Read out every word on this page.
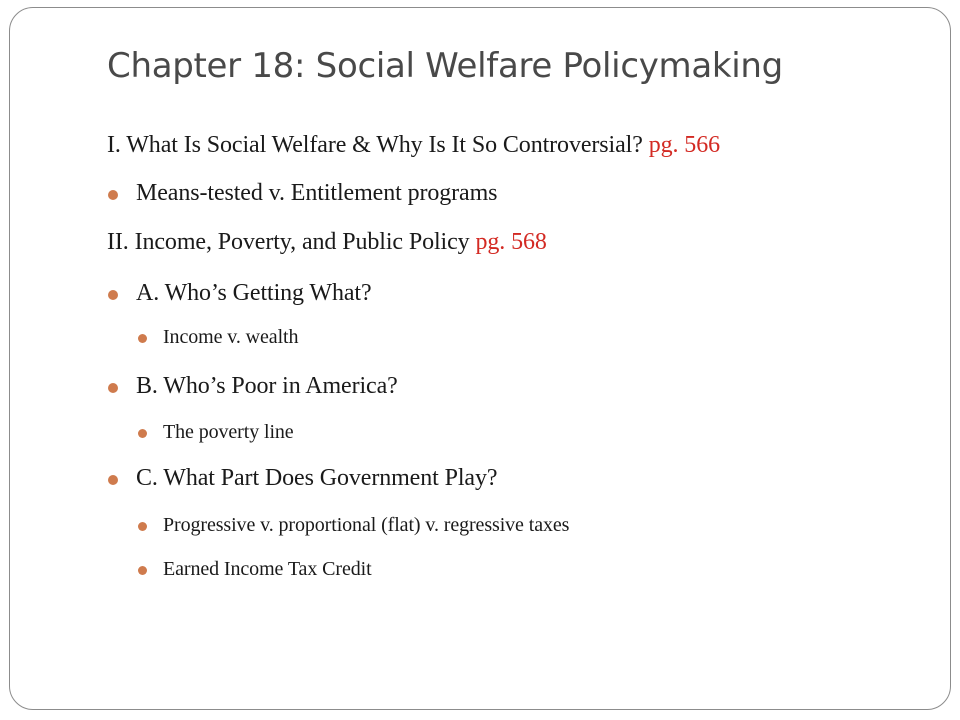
Chapter 18: Social Welfare Policymaking
I. What Is Social Welfare & Why Is It So Controversial? pg. 566
Means-tested v. Entitlement programs
II. Income, Poverty, and Public Policy pg. 568
A. Who’s Getting What?
Income v. wealth
B. Who’s Poor in America?
The poverty line
C. What Part Does Government Play?
Progressive v. proportional (flat) v. regressive taxes
Earned Income Tax Credit
